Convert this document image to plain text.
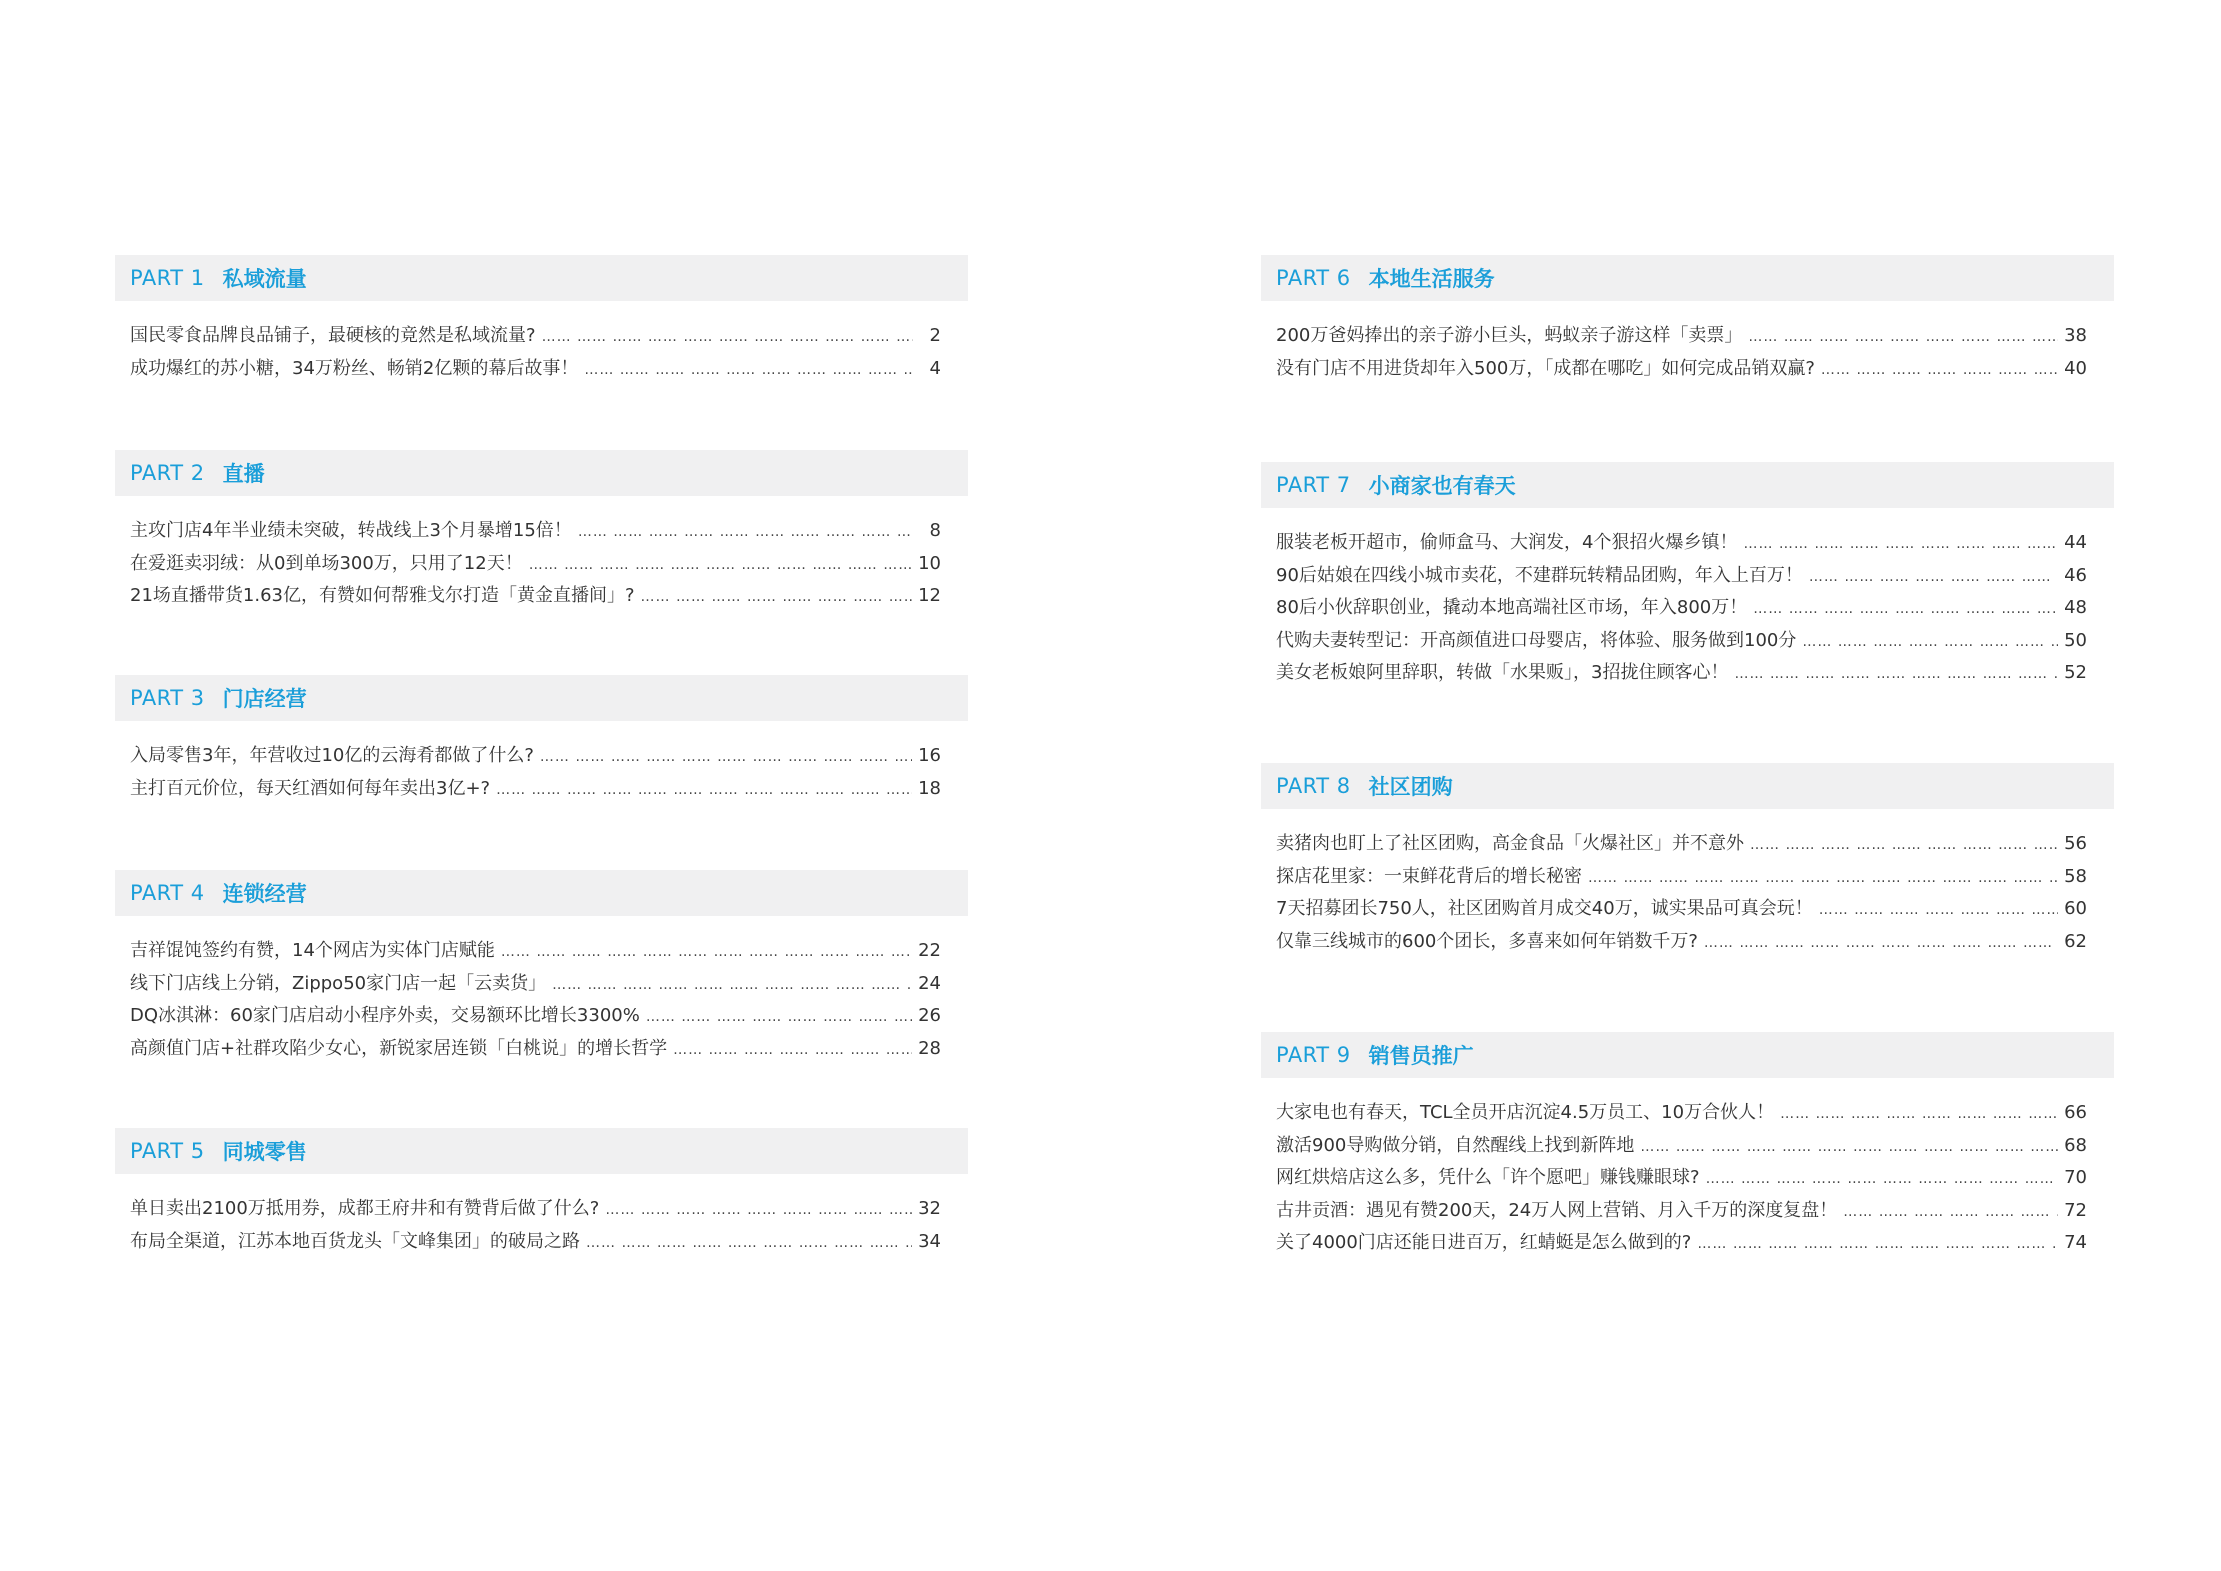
PART 1 私域流量
国民零食品牌良品铺子，最硬核的竟然是私域流量? …… …… …… …… …… …… …… …… …… …… …… …… …… …… …… …… …… …… …… …… …… …… …… …… …… …… …… …… …… …… …… …… …… …… …… …… …… …… …… …… …… …… …… …… …… …… …… …… …… …… …… ……	2
成功爆红的苏小糖，34万粉丝、畅销2亿颗的幕后故事！ …… …… …… …… …… …… …… …… …… …… …… …… …… …… …… …… …… …… …… …… …… …… …… …… …… …… …… …… …… …… …… …… …… …… …… …… …… …… …… …… …… …… …… …… …… …… …… …… …… …… …… ……	4
PART 2 直播
主攻门店4年半业绩未突破，转战线上3个月暴增15倍！ …… …… …… …… …… …… …… …… …… …… …… …… …… …… …… …… …… …… …… …… …… …… …… …… …… …… …… …… …… …… …… …… …… …… …… …… …… …… …… …… …… …… …… …… …… …… …… …… …… …… …… ……	8
在爱逛卖羽绒：从0到单场300万，只用了12天！ …… …… …… …… …… …… …… …… …… …… …… …… …… …… …… …… …… …… …… …… …… …… …… …… …… …… …… …… …… …… …… …… …… …… …… …… …… …… …… …… …… …… …… …… …… …… …… …… …… …… …… ……	10
21场直播带货1.63亿，有赞如何帮雅戈尔打造「黄金直播间」? …… …… …… …… …… …… …… …… …… …… …… …… …… …… …… …… …… …… …… …… …… …… …… …… …… …… …… …… …… …… …… …… …… …… …… …… …… …… …… …… …… …… …… …… …… …… …… …… …… …… …… ……	12
PART 3 门店经营
入局零售3年，年营收过10亿的云海肴都做了什么? …… …… …… …… …… …… …… …… …… …… …… …… …… …… …… …… …… …… …… …… …… …… …… …… …… …… …… …… …… …… …… …… …… …… …… …… …… …… …… …… …… …… …… …… …… …… …… …… …… …… …… ……	16
主打百元价位，每天红酒如何每年卖出3亿+? …… …… …… …… …… …… …… …… …… …… …… …… …… …… …… …… …… …… …… …… …… …… …… …… …… …… …… …… …… …… …… …… …… …… …… …… …… …… …… …… …… …… …… …… …… …… …… …… …… …… …… ……	18
PART 4 连锁经营
吉祥馄饨签约有赞，14个网店为实体门店赋能 …… …… …… …… …… …… …… …… …… …… …… …… …… …… …… …… …… …… …… …… …… …… …… …… …… …… …… …… …… …… …… …… …… …… …… …… …… …… …… …… …… …… …… …… …… …… …… …… …… …… …… ……	22
线下门店线上分销，Zippo50家门店一起「云卖货」 …… …… …… …… …… …… …… …… …… …… …… …… …… …… …… …… …… …… …… …… …… …… …… …… …… …… …… …… …… …… …… …… …… …… …… …… …… …… …… …… …… …… …… …… …… …… …… …… …… …… …… ……	24
DQ冰淇淋：60家门店启动小程序外卖，交易额环比增长3300% …… …… …… …… …… …… …… …… …… …… …… …… …… …… …… …… …… …… …… …… …… …… …… …… …… …… …… …… …… …… …… …… …… …… …… …… …… …… …… …… …… …… …… …… …… …… …… …… …… …… …… ……	26
高颜值门店+社群攻陷少女心，新锐家居连锁「白桃说」的增长哲学 …… …… …… …… …… …… …… …… …… …… …… …… …… …… …… …… …… …… …… …… …… …… …… …… …… …… …… …… …… …… …… …… …… …… …… …… …… …… …… …… …… …… …… …… …… …… …… …… …… …… …… ……	28
PART 5 同城零售
单日卖出2100万抵用券，成都王府井和有赞背后做了什么? …… …… …… …… …… …… …… …… …… …… …… …… …… …… …… …… …… …… …… …… …… …… …… …… …… …… …… …… …… …… …… …… …… …… …… …… …… …… …… …… …… …… …… …… …… …… …… …… …… …… …… ……	32
布局全渠道，江苏本地百货龙头「文峰集团」的破局之路 …… …… …… …… …… …… …… …… …… …… …… …… …… …… …… …… …… …… …… …… …… …… …… …… …… …… …… …… …… …… …… …… …… …… …… …… …… …… …… …… …… …… …… …… …… …… …… …… …… …… …… ……	34
PART 6 本地生活服务
200万爸妈捧出的亲子游小巨头，蚂蚁亲子游这样「卖票」 …… …… …… …… …… …… …… …… …… …… …… …… …… …… …… …… …… …… …… …… …… …… …… …… …… …… …… …… …… …… …… …… …… …… …… …… …… …… …… …… …… …… …… …… …… …… …… …… …… …… …… ……	38
没有门店不用进货却年入500万，「成都在哪吃」如何完成品销双赢? …… …… …… …… …… …… …… …… …… …… …… …… …… …… …… …… …… …… …… …… …… …… …… …… …… …… …… …… …… …… …… …… …… …… …… …… …… …… …… …… …… …… …… …… …… …… …… …… …… …… …… ……	40
PART 7 小商家也有春天
服装老板开超市，偷师盒马、大润发，4个狠招火爆乡镇！ …… …… …… …… …… …… …… …… …… …… …… …… …… …… …… …… …… …… …… …… …… …… …… …… …… …… …… …… …… …… …… …… …… …… …… …… …… …… …… …… …… …… …… …… …… …… …… …… …… …… …… ……	44
90后姑娘在四线小城市卖花，不建群玩转精品团购，年入上百万！ …… …… …… …… …… …… …… …… …… …… …… …… …… …… …… …… …… …… …… …… …… …… …… …… …… …… …… …… …… …… …… …… …… …… …… …… …… …… …… …… …… …… …… …… …… …… …… …… …… …… …… ……	46
80后小伙辞职创业，撬动本地高端社区市场，年入800万！ …… …… …… …… …… …… …… …… …… …… …… …… …… …… …… …… …… …… …… …… …… …… …… …… …… …… …… …… …… …… …… …… …… …… …… …… …… …… …… …… …… …… …… …… …… …… …… …… …… …… …… ……	48
代购夫妻转型记：开高颜值进口母婴店，将体验、服务做到100分 …… …… …… …… …… …… …… …… …… …… …… …… …… …… …… …… …… …… …… …… …… …… …… …… …… …… …… …… …… …… …… …… …… …… …… …… …… …… …… …… …… …… …… …… …… …… …… …… …… …… …… ……	50
美女老板娘阿里辞职，转做「水果贩」，3招拢住顾客心！ …… …… …… …… …… …… …… …… …… …… …… …… …… …… …… …… …… …… …… …… …… …… …… …… …… …… …… …… …… …… …… …… …… …… …… …… …… …… …… …… …… …… …… …… …… …… …… …… …… …… …… ……	52
PART 8 社区团购
卖猪肉也盯上了社区团购，高金食品「火爆社区」并不意外 …… …… …… …… …… …… …… …… …… …… …… …… …… …… …… …… …… …… …… …… …… …… …… …… …… …… …… …… …… …… …… …… …… …… …… …… …… …… …… …… …… …… …… …… …… …… …… …… …… …… …… ……	56
探店花里家：一束鲜花背后的增长秘密 …… …… …… …… …… …… …… …… …… …… …… …… …… …… …… …… …… …… …… …… …… …… …… …… …… …… …… …… …… …… …… …… …… …… …… …… …… …… …… …… …… …… …… …… …… …… …… …… …… …… …… ……	58
7天招募团长750人，社区团购首月成交40万，诚实果品可真会玩！ …… …… …… …… …… …… …… …… …… …… …… …… …… …… …… …… …… …… …… …… …… …… …… …… …… …… …… …… …… …… …… …… …… …… …… …… …… …… …… …… …… …… …… …… …… …… …… …… …… …… …… ……	60
仅靠三线城市的600个团长，多喜来如何年销数千万? …… …… …… …… …… …… …… …… …… …… …… …… …… …… …… …… …… …… …… …… …… …… …… …… …… …… …… …… …… …… …… …… …… …… …… …… …… …… …… …… …… …… …… …… …… …… …… …… …… …… …… ……	62
PART 9 销售员推广
大家电也有春天，TCL全员开店沉淀4.5万员工、10万合伙人！ …… …… …… …… …… …… …… …… …… …… …… …… …… …… …… …… …… …… …… …… …… …… …… …… …… …… …… …… …… …… …… …… …… …… …… …… …… …… …… …… …… …… …… …… …… …… …… …… …… …… …… ……	66
激活900导购做分销，自然醒线上找到新阵地 …… …… …… …… …… …… …… …… …… …… …… …… …… …… …… …… …… …… …… …… …… …… …… …… …… …… …… …… …… …… …… …… …… …… …… …… …… …… …… …… …… …… …… …… …… …… …… …… …… …… …… ……	68
网红烘焙店这么多，凭什么「许个愿吧」赚钱赚眼球? …… …… …… …… …… …… …… …… …… …… …… …… …… …… …… …… …… …… …… …… …… …… …… …… …… …… …… …… …… …… …… …… …… …… …… …… …… …… …… …… …… …… …… …… …… …… …… …… …… …… …… ……	70
古井贡酒：遇见有赞200天，24万人网上营销、月入千万的深度复盘！ …… …… …… …… …… …… …… …… …… …… …… …… …… …… …… …… …… …… …… …… …… …… …… …… …… …… …… …… …… …… …… …… …… …… …… …… …… …… …… …… …… …… …… …… …… …… …… …… …… …… …… ……	72
关了4000门店还能日进百万，红蜻蜓是怎么做到的? …… …… …… …… …… …… …… …… …… …… …… …… …… …… …… …… …… …… …… …… …… …… …… …… …… …… …… …… …… …… …… …… …… …… …… …… …… …… …… …… …… …… …… …… …… …… …… …… …… …… …… ……	74
